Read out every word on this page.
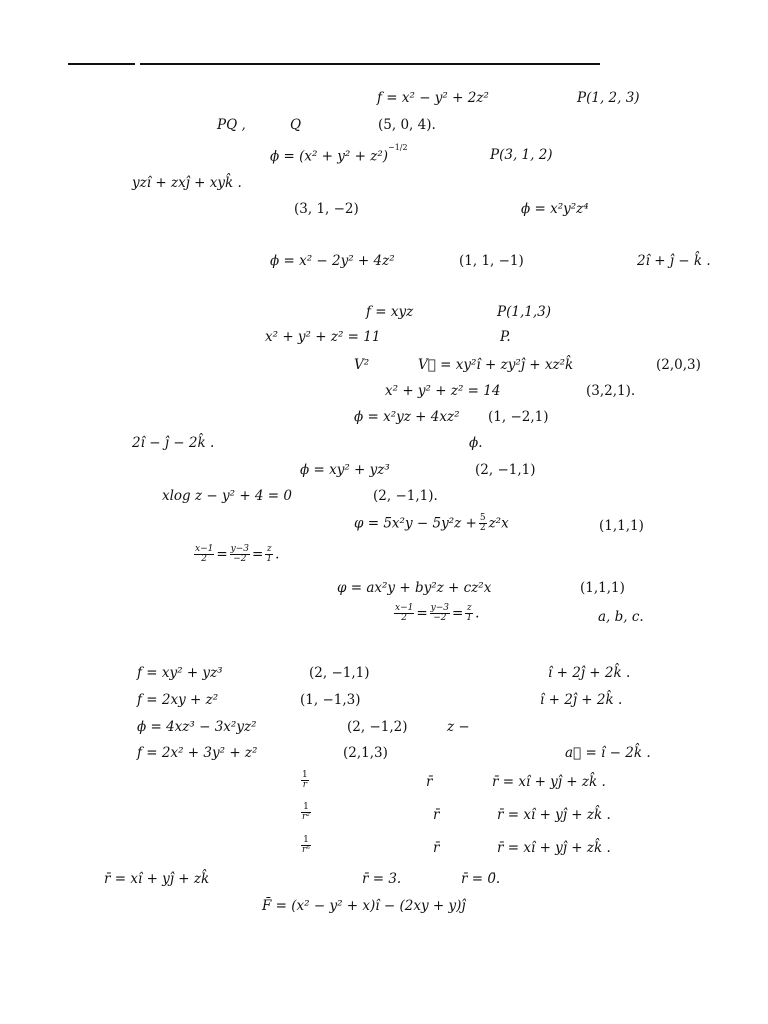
f = x² − y² + 2z²	P(1, 2, 3)
PQ ,	Q	(5, 0, 4).
$\phi = (x^2 + y^2 + z^2)^{-1/2}$	P(3, 1, 2)
yzî + zxĵ + xyk̂ .
(3, 1, −2)	ϕ = x²y²z⁴
ϕ = x² − 2y² + 4z²	(1, 1, −1)	2î + ĵ − k̂ .
f = xyz	P(1,1,3)
x² + y² + z² = 11	P.
V²	V⃗ = xy²î + zy²ĵ + xz²k̂	(2,0,3)
x² + y² + z² = 14	(3,2,1).
ϕ = x²yz + 4xz² (1, −2,1)
2î − ĵ − 2k̂ .	ϕ.
ϕ = xy² + yz³	(2, −1,1)
xlog z − y² + 4 = 0	(2, −1,1).
$\varphi = 5x^2y - 5y^2z + \frac{5}{2} z^2x$	(1,1,1)
$\frac{x-1}{2} = \frac{y-3}{-2} = \frac{z}{1}$ .
φ = ax²y + by²z + cz²x	(1,1,1)
$\frac{x-1}{2} = \frac{y-3}{-2} = \frac{z}{1}$ .	a, b, c.
f = xy² + yz³	(2, −1,1)	î + 2ĵ + 2k̂ .
f = 2xy + z²	(1, −1,3)	î + 2ĵ + 2k̂ .
ϕ = 4xz³ − 3x²yz²	(2, −1,2)	z −
f = 2x² + 3y² + z²	(2,1,3)	a⃗ = î − 2k̂ .
$\frac{1}{r}$	r̄	r̄ = xî + yĵ + zk̂ .
$\frac{1}{\text{r²}}$	r̄	r̄ = xî + yĵ + zk̂ .
$\frac{1}{\text{rⁿ}}$	r̄	r̄ = xî + yĵ + zk̂ .
r̄ = xî + yĵ + zk̂	r̄ = 3.	r̄ = 0̄.
F̄ = (x² − y² + x)î − (2xy + y)ĵ
